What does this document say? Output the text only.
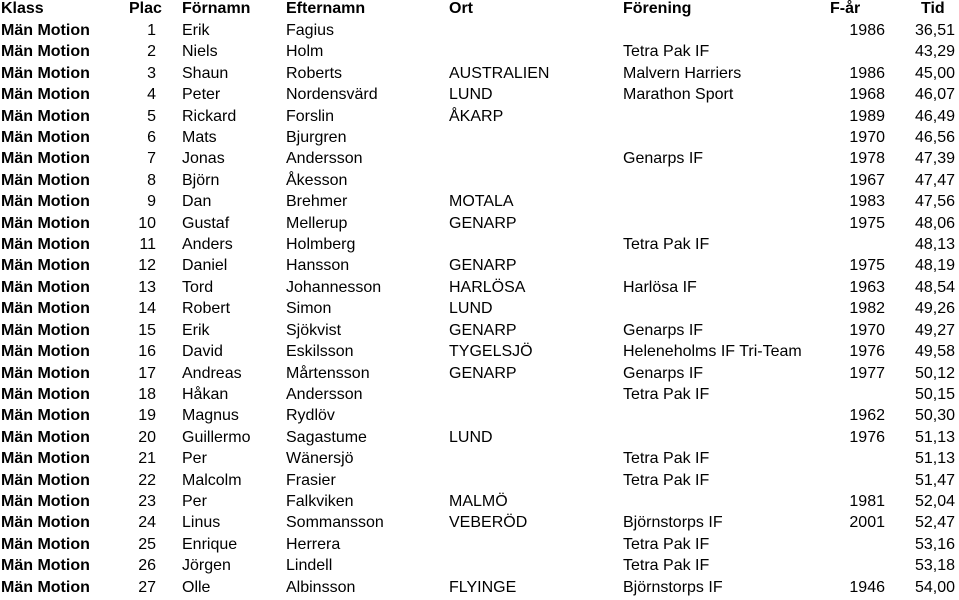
Klass	Plac	Förnamn	Efternamn	Ort	Förening	F-år	Tid
Män Motion	1	Erik	Fagius			1986	36,51
Män Motion	2	Niels	Holm		Tetra Pak IF		43,29
Män Motion	3	Shaun	Roberts	AUSTRALIEN	Malvern Harriers	1986	45,00
Män Motion	4	Peter	Nordensvärd	LUND	Marathon Sport	1968	46,07
Män Motion	5	Rickard	Forslin	ÅKARP		1989	46,49
Män Motion	6	Mats	Bjurgren			1970	46,56
Män Motion	7	Jonas	Andersson		Genarps IF	1978	47,39
Män Motion	8	Björn	Åkesson			1967	47,47
Män Motion	9	Dan	Brehmer	MOTALA		1983	47,56
Män Motion	10	Gustaf	Mellerup	GENARP		1975	48,06
Män Motion	11	Anders	Holmberg		Tetra Pak IF		48,13
Män Motion	12	Daniel	Hansson	GENARP		1975	48,19
Män Motion	13	Tord	Johannesson	HARLÖSA	Harlösa IF	1963	48,54
Män Motion	14	Robert	Simon	LUND		1982	49,26
Män Motion	15	Erik	Sjökvist	GENARP	Genarps IF	1970	49,27
Män Motion	16	David	Eskilsson	TYGELSJÖ	Heleneholms IF Tri-Team	1976	49,58
Män Motion	17	Andreas	Mårtensson	GENARP	Genarps IF	1977	50,12
Män Motion	18	Håkan	Andersson		Tetra Pak IF		50,15
Män Motion	19	Magnus	Rydlöv			1962	50,30
Män Motion	20	Guillermo	Sagastume	LUND		1976	51,13
Män Motion	21	Per	Wänersjö		Tetra Pak IF		51,13
Män Motion	22	Malcolm	Frasier		Tetra Pak IF		51,47
Män Motion	23	Per	Falkviken	MALMÖ		1981	52,04
Män Motion	24	Linus	Sommansson	VEBERÖD	Björnstorps IF	2001	52,47
Män Motion	25	Enrique	Herrera		Tetra Pak IF		53,16
Män Motion	26	Jörgen	Lindell		Tetra Pak IF		53,18
Män Motion	27	Olle	Albinsson	FLYINGE	Björnstorps IF	1946	54,00
